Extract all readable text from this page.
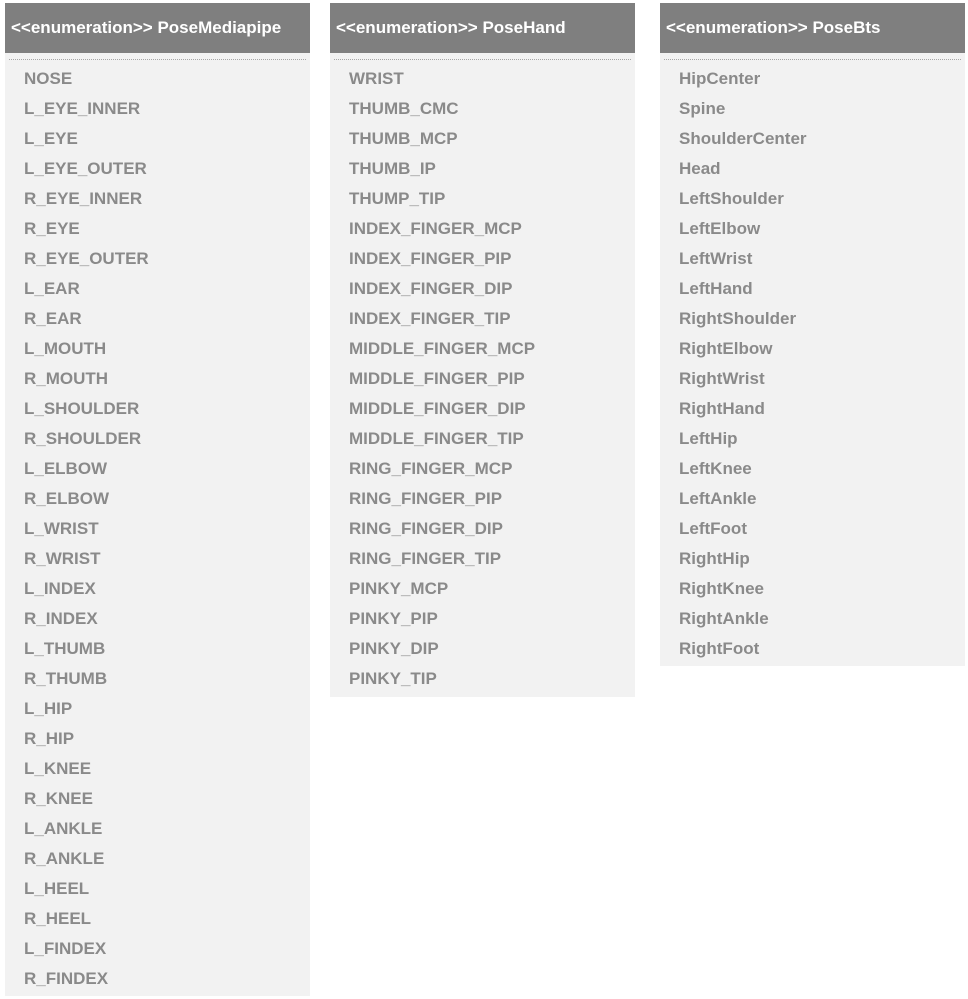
<<enumeration>> PoseMediapipe
NOSE
L_EYE_INNER
L_EYE
L_EYE_OUTER
R_EYE_INNER
R_EYE
R_EYE_OUTER
L_EAR
R_EAR
L_MOUTH
R_MOUTH
L_SHOULDER
R_SHOULDER
L_ELBOW
R_ELBOW
L_WRIST
R_WRIST
L_INDEX
R_INDEX
L_THUMB
R_THUMB
L_HIP
R_HIP
L_KNEE
R_KNEE
L_ANKLE
R_ANKLE
L_HEEL
R_HEEL
L_FINDEX
R_FINDEX
<<enumeration>> PoseHand
WRIST
THUMB_CMC
THUMB_MCP
THUMB_IP
THUMP_TIP
INDEX_FINGER_MCP
INDEX_FINGER_PIP
INDEX_FINGER_DIP
INDEX_FINGER_TIP
MIDDLE_FINGER_MCP
MIDDLE_FINGER_PIP
MIDDLE_FINGER_DIP
MIDDLE_FINGER_TIP
RING_FINGER_MCP
RING_FINGER_PIP
RING_FINGER_DIP
RING_FINGER_TIP
PINKY_MCP
PINKY_PIP
PINKY_DIP
PINKY_TIP
<<enumeration>> PoseBts
HipCenter
Spine
ShoulderCenter
Head
LeftShoulder
LeftElbow
LeftWrist
LeftHand
RightShoulder
RightElbow
RightWrist
RightHand
LeftHip
LeftKnee
LeftAnkle
LeftFoot
RightHip
RightKnee
RightAnkle
RightFoot
